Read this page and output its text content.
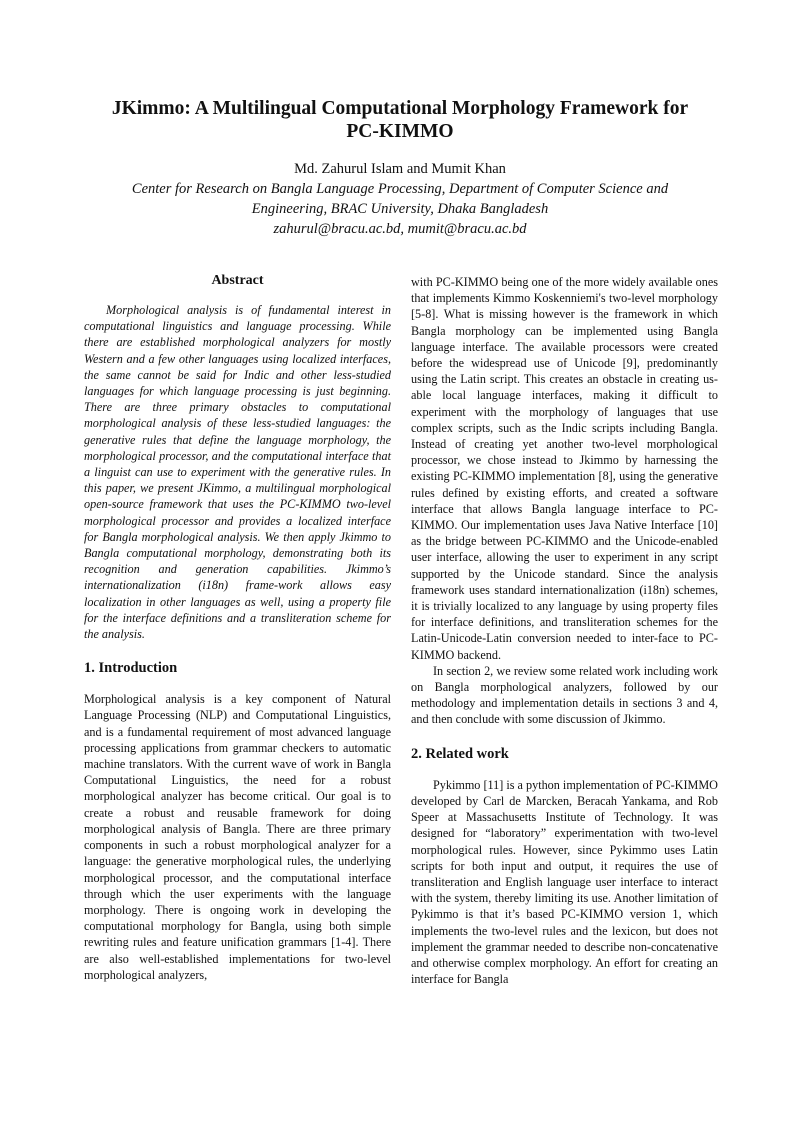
JKimmo: A Multilingual Computational Morphology Framework for
PC-KIMMO
Md. Zahurul Islam and Mumit Khan
Center for Research on Bangla Language Processing, Department of Computer Science and
Engineering, BRAC University, Dhaka Bangladesh
zahurul@bracu.ac.bd, mumit@bracu.ac.bd
Abstract

Morphological analysis is of fundamental interest in computational linguistics and language processing. While there are established morphological analyzers for mostly Western and a few other languages using localized interfaces, the same cannot be said for Indic and other less-studied languages for which language processing is just beginning. There are three primary obstacles to computational morphological analysis of these less-studied languages: the generative rules that define the language morphology, the morphological processor, and the computational interface that a linguist can use to experiment with the generative rules. In this paper, we present JKimmo, a multilingual morphological open-source framework that uses the PC-KIMMO two-level morphological processor and provides a localized interface for Bangla morphological analysis. We then apply Jkimmo to Bangla computational morphology, demonstrating both its recognition and generation capabilities. Jkimmo’s internationalization (i18n) frame-work allows easy localization in other languages as well, using a property file for the interface definitions and a transliteration scheme for the analysis.

1. Introduction

Morphological analysis is a key component of Natural Language Processing (NLP) and Computational Linguistics, and is a fundamental requirement of most advanced language processing applications from grammar checkers to automatic machine translators. With the current wave of work in Bangla Computational Linguistics, the need for a robust morphological analyzer has become critical. Our goal is to create a robust and reusable framework for doing morphological analysis of Bangla. There are three primary components in such a robust morphological analyzer for a language: the generative morphological rules, the underlying morphological processor, and the computational interface through which the user experiments with the language morphology. There is ongoing work in developing the computational morphology for Bangla, using both simple rewriting rules and feature unification grammars [1-4]. There are also well-established implementations for two-level morphological analyzers,

with PC-KIMMO being one of the more widely available ones that implements Kimmo Koskenniemi's two-level morphology [5-8]. What is missing however is the framework in which Bangla morphology can be implemented using Bangla language interface. The available processors were created before the widespread use of Unicode [9], predominantly using the Latin script. This creates an obstacle in creating us-able local language interfaces, making it difficult to experiment with the morphology of languages that use complex scripts, such as the Indic scripts including Bangla. Instead of creating yet another two-level morphological processor, we chose instead to Jkimmo by harnessing the existing PC-KIMMO implementation [8], using the generative rules defined by existing efforts, and created a software interface that allows Bangla language interface to PC-KIMMO. Our implementation uses Java Native Interface [10] as the bridge between PC-KIMMO and the Unicode-enabled user interface, allowing the user to experiment in any script supported by the Unicode standard. Since the analysis framework uses standard internationalization (i18n) schemes, it is trivially localized to any language by using property files for interface definitions, and transliteration schemes for the Latin-Unicode-Latin conversion needed to inter-face to PC-KIMMO backend.

In section 2, we review some related work including work on Bangla morphological analyzers, followed by our methodology and implementation details in sections 3 and 4, and then conclude with some discussion of Jkimmo.

2. Related work

Pykimmo [11] is a python implementation of PC-KIMMO developed by Carl de Marcken, Beracah Yankama, and Rob Speer at Massachusetts Institute of Technology. It was designed for “laboratory” experimentation with two-level morphological rules. However, since Pykimmo uses Latin scripts for both input and output, it requires the use of transliteration and English language user interface to interact with the system, thereby limiting its use. Another limitation of Pykimmo is that it’s based PC-KIMMO version 1, which implements the two-level rules and the lexicon, but does not implement the grammar needed to describe non-concatenative and otherwise complex morphology. An effort for creating an interface for Bangla
